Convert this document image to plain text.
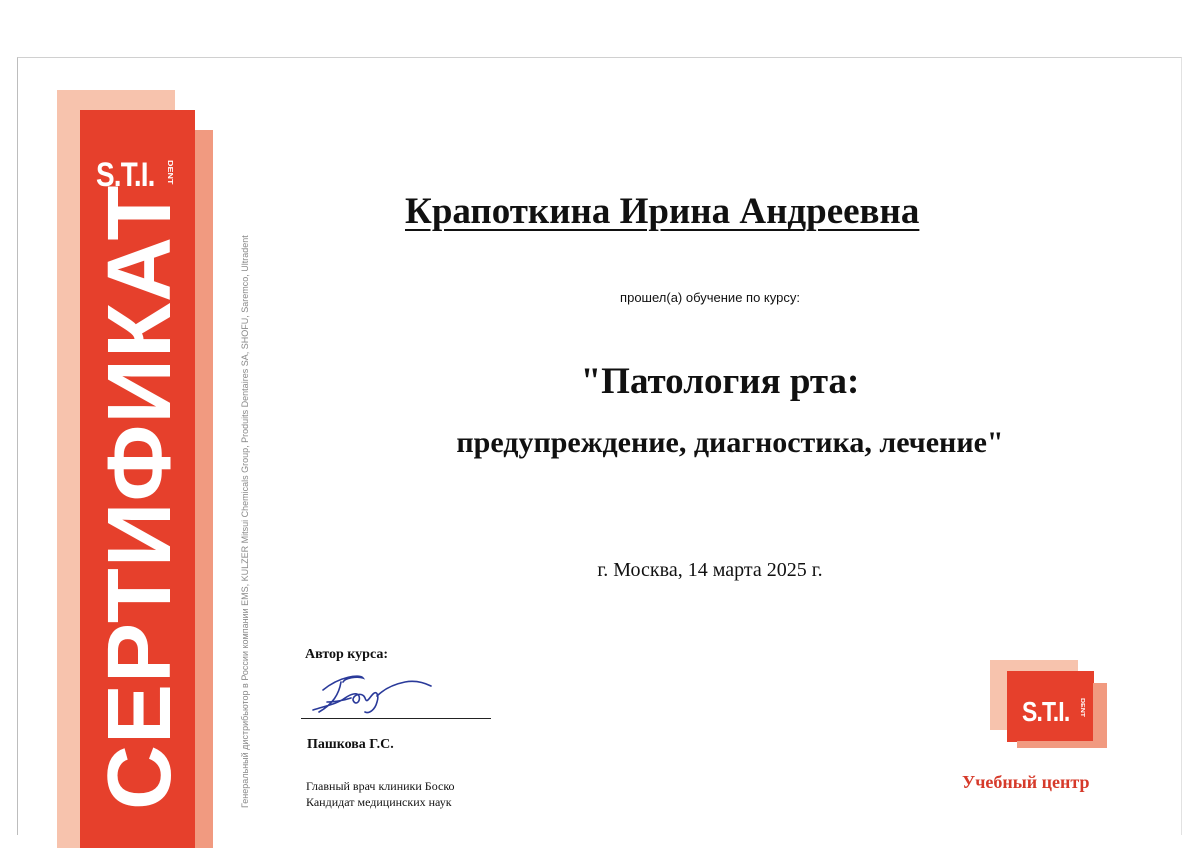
S.T.I. DENT
СЕРТИФИКАТ	Генеральный дистрибьютор в России компании ЕМS, KULZER Mitsui Chemicals Group, Produits Dentaires SA, SHOFU, Saremco, Ultradent
Крапоткина Ирина Андреевна
прошел(а) обучение по курсу:
"Патология рта:
предупреждение, диагностика, лечение"
г. Москва, 14 марта 2025 г.
Автор курса:
Пашкова Г.С.
Главный врач клиники Боско
Кандидат медицинских наук
S.T.I. DENT
Учебный центр
